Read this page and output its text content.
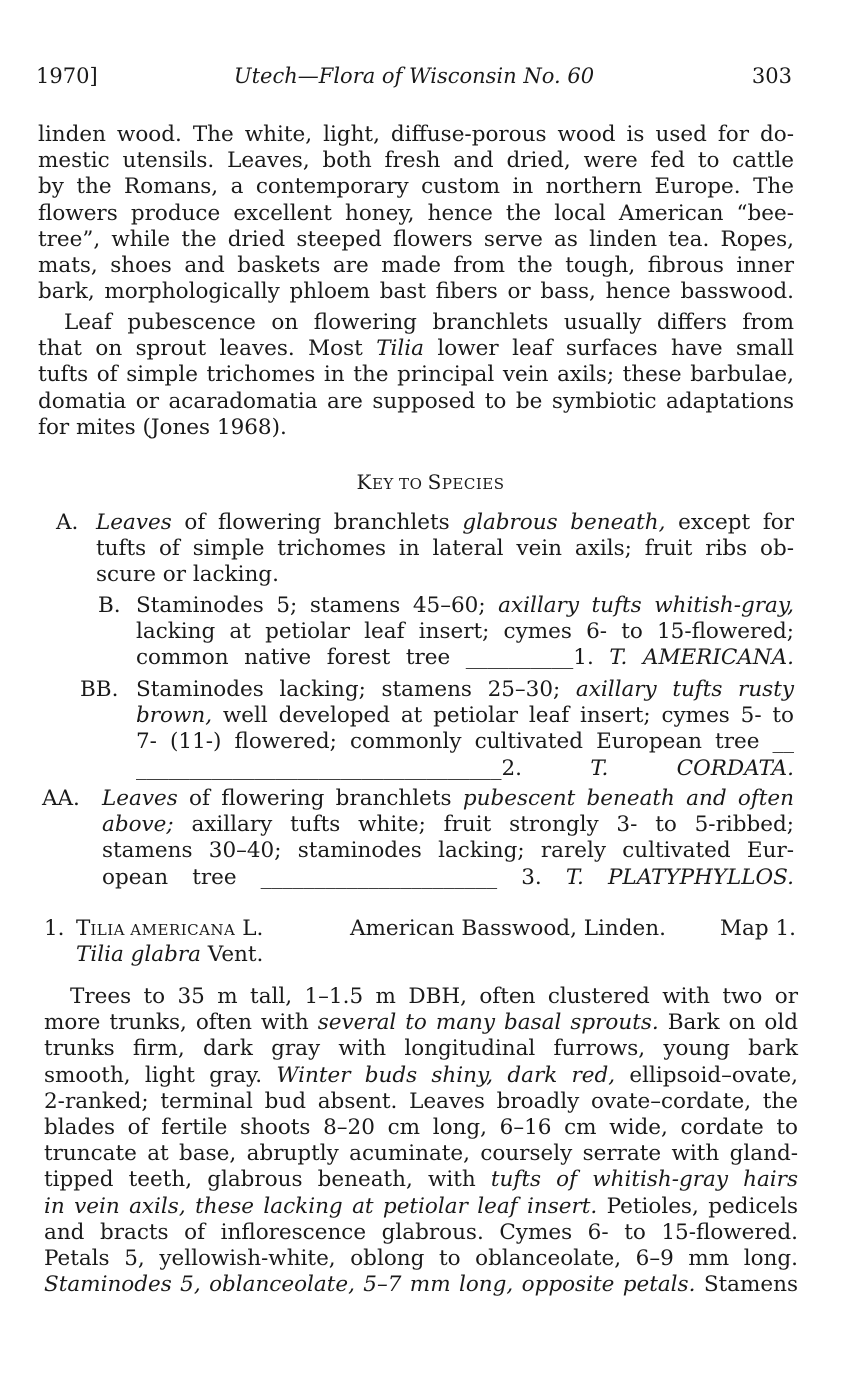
1970]	Utech—Flora of Wisconsin No. 60	303
linden wood. The white, light, diffuse-porous wood is used for do-
mestic utensils. Leaves, both fresh and dried, were fed to cattle
by the Romans, a contemporary custom in northern Europe. The
flowers produce excellent honey, hence the local American “bee-
tree”, while the dried steeped flowers serve as linden tea. Ropes,
mats, shoes and baskets are made from the tough, fibrous inner
bark, morphologically phloem bast fibers or bass, hence basswood.
Leaf pubescence on flowering branchlets usually differs from
that on sprout leaves. Most Tilia lower leaf surfaces have small
tufts of simple trichomes in the principal vein axils; these barbulae,
domatia or acaradomatia are supposed to be symbiotic adaptations
for mites (Jones 1968).
KEY TO SPECIES
A. Leaves of flowering branchlets glabrous beneath, except for
tufts of simple trichomes in lateral vein axils; fruit ribs ob-
scure or lacking.
B. Staminodes 5; stamens 45–60; axillary tufts whitish-gray,
lacking at petiolar leaf insert; cymes 6- to 15-flowered;
common native forest tree __________1. T. AMERICANA.
BB. Staminodes lacking; stamens 25–30; axillary tufts rusty
brown, well developed at petiolar leaf insert; cymes 5- to
7- (11-) flowered; commonly cultivated European tree __
__________________________________2. T. CORDATA.
AA. Leaves of flowering branchlets pubescent beneath and often
above; axillary tufts white; fruit strongly 3- to 5-ribbed;
stamens 30–40; staminodes lacking; rarely cultivated Eur-
opean tree ______________________ 3. T. PLATYPHYLLOS.
1. TILIA AMERICANA L.	American Basswood, Linden.	Map 1.
Tilia glabra Vent.
Trees to 35 m tall, 1–1.5 m DBH, often clustered with two or
more trunks, often with several to many basal sprouts. Bark on old
trunks firm, dark gray with longitudinal furrows, young bark
smooth, light gray. Winter buds shiny, dark red, ellipsoid–ovate,
2-ranked; terminal bud absent. Leaves broadly ovate–cordate, the
blades of fertile shoots 8–20 cm long, 6–16 cm wide, cordate to
truncate at base, abruptly acuminate, coursely serrate with gland-
tipped teeth, glabrous beneath, with tufts of whitish-gray hairs
in vein axils, these lacking at petiolar leaf insert. Petioles, pedicels
and bracts of inflorescence glabrous. Cymes 6- to 15-flowered.
Petals 5, yellowish-white, oblong to oblanceolate, 6–9 mm long.
Staminodes 5, oblanceolate, 5–7 mm long, opposite petals. Stamens
